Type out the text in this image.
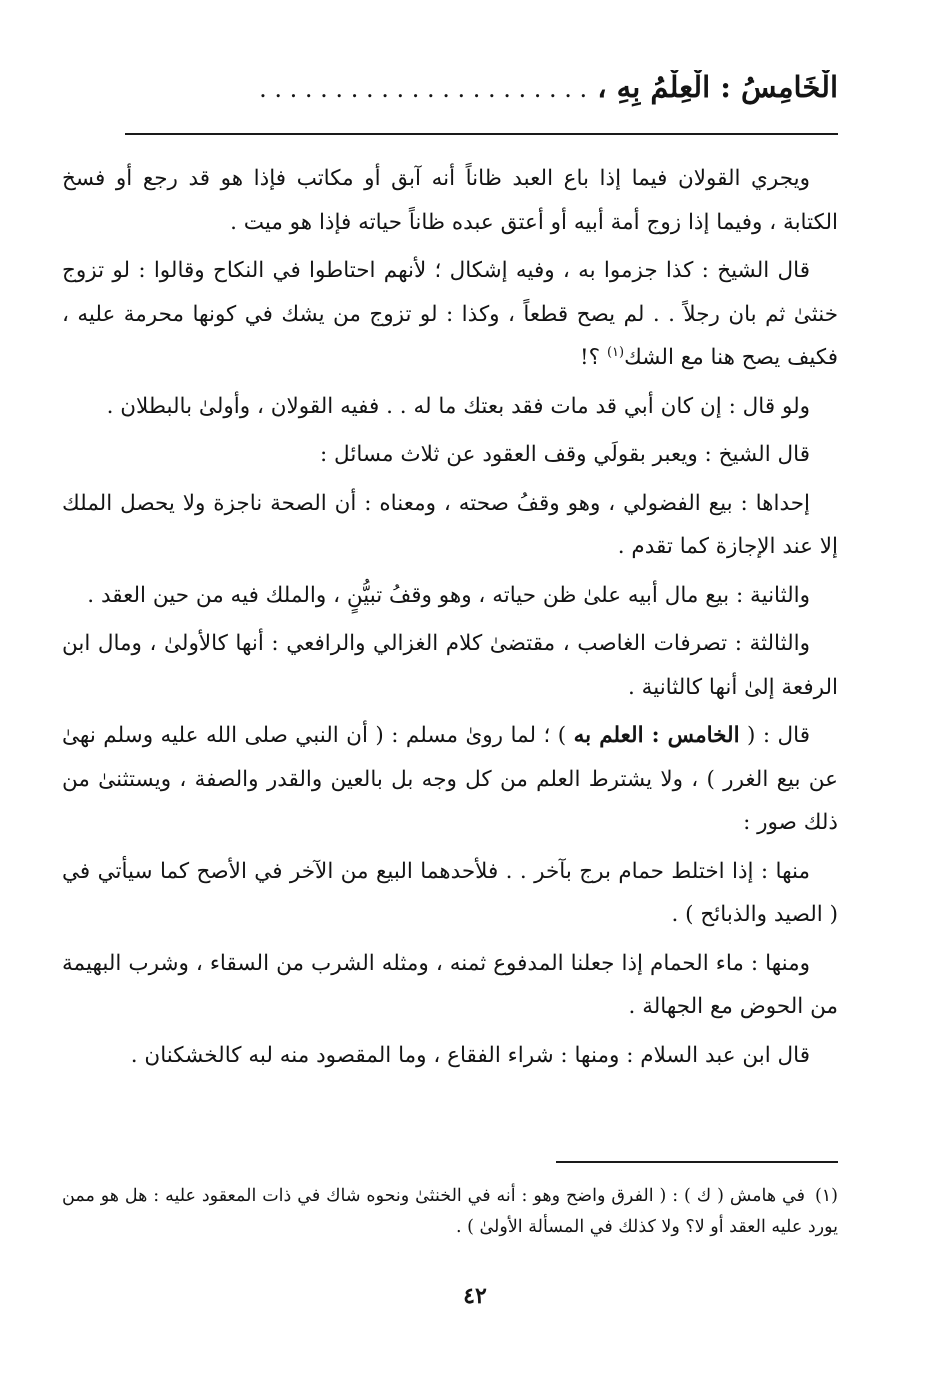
الْخَامِسُ : الْعِلْمُ بِهِ ،. . . . . . . . . . . . . . . . . . . . . .

ويجري القولان فيما إذا باع العبد ظاناً أنه آبق أو مكاتب فإذا هو قد رجع أو فسخ الكتابة ، وفيما إذا زوج أمة أبيه أو أعتق عبده ظاناً حياته فإذا هو ميت .

قال الشيخ : كذا جزموا به ، وفيه إشكال ؛ لأنهم احتاطوا في النكاح وقالوا : لو تزوج خنثىٰ ثم بان رجلاً . . لم يصح قطعاً ، وكذا : لو تزوج من يشك في كونها محرمة عليه ، فكيف يصح هنا مع الشك$^{(١)}$ ؟!

ولو قال : إن كان أبي قد مات فقد بعتك ما له . . ففيه القولان ، وأولىٰ بالبطلان .

قال الشيخ : ويعبر بقولَي وقف العقود عن ثلاث مسائل :

إحداها : بيع الفضولي ، وهو وقفُ صحته ، ومعناه : أن الصحة ناجزة ولا يحصل الملك إلا عند الإجازة كما تقدم .

والثانية : بيع مال أبيه علىٰ ظن حياته ، وهو وقفُ تبيُّنٍ ، والملك فيه من حين العقد .

والثالثة : تصرفات الغاصب ، مقتضىٰ كلام الغزالي والرافعي : أنها كالأولىٰ ، ومال ابن الرفعة إلىٰ أنها كالثانية .

قال : ( الخامس : العلم به ) ؛ لما روىٰ مسلم : ( أن النبي صلى الله عليه وسلم نهىٰ عن بيع الغرر ) ، ولا يشترط العلم من كل وجه بل بالعين والقدر والصفة ، ويستثنىٰ من ذلك صور :

منها : إذا اختلط حمام برج بآخر . . فلأحدهما البيع من الآخر في الأصح كما سيأتي في ( الصيد والذبائح ) .

ومنها : ماء الحمام إذا جعلنا المدفوع ثمنه ، ومثله الشرب من السقاء ، وشرب البهيمة من الحوض مع الجهالة .

قال ابن عبد السلام : ومنها : شراء الفقاع ، وما المقصود منه لبه كالخشكنان .

(١)في هامش ( ك ) : ( الفرق واضح وهو : أنه في الخنثىٰ ونحوه شاك في ذات المعقود عليه : هل هو ممن يورد عليه العقد أو لا؟ ولا كذلك في المسألة الأولىٰ ) .
٤٢
